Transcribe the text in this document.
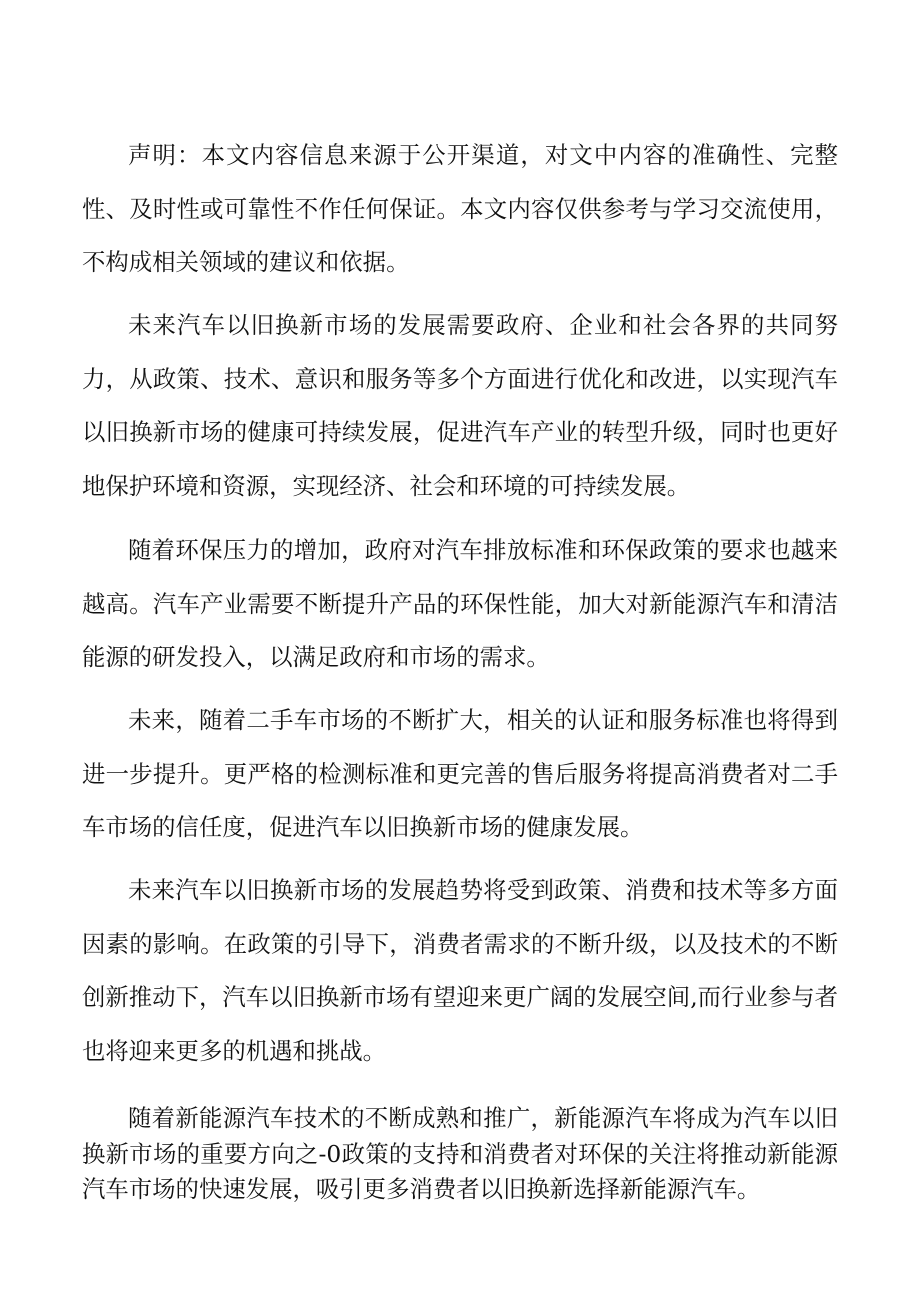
声明：本文内容信息来源于公开渠道，对文中内容的准确性、完整性、及时性或可靠性不作任何保证。本文内容仅供参考与学习交流使用，不构成相关领域的建议和依据。

未来汽车以旧换新市场的发展需要政府、企业和社会各界的共同努力，从政策、技术、意识和服务等多个方面进行优化和改进，以实现汽车以旧换新市场的健康可持续发展，促进汽车产业的转型升级，同时也更好地保护环境和资源，实现经济、社会和环境的可持续发展。

随着环保压力的增加，政府对汽车排放标准和环保政策的要求也越来越高。汽车产业需要不断提升产品的环保性能，加大对新能源汽车和清洁能源的研发投入，以满足政府和市场的需求。

未来，随着二手车市场的不断扩大，相关的认证和服务标准也将得到进一步提升。更严格的检测标准和更完善的售后服务将提高消费者对二手车市场的信任度，促进汽车以旧换新市场的健康发展。

未来汽车以旧换新市场的发展趋势将受到政策、消费和技术等多方面因素的影响。在政策的引导下，消费者需求的不断升级，以及技术的不断创新推动下，汽车以旧换新市场有望迎来更广阔的发展空间,而行业参与者也将迎来更多的机遇和挑战。

随着新能源汽车技术的不断成熟和推广，新能源汽车将成为汽车以旧换新市场的重要方向之-0政策的支持和消费者对环保的关注将推动新能源汽车市场的快速发展，吸引更多消费者以旧换新选择新能源汽车。
